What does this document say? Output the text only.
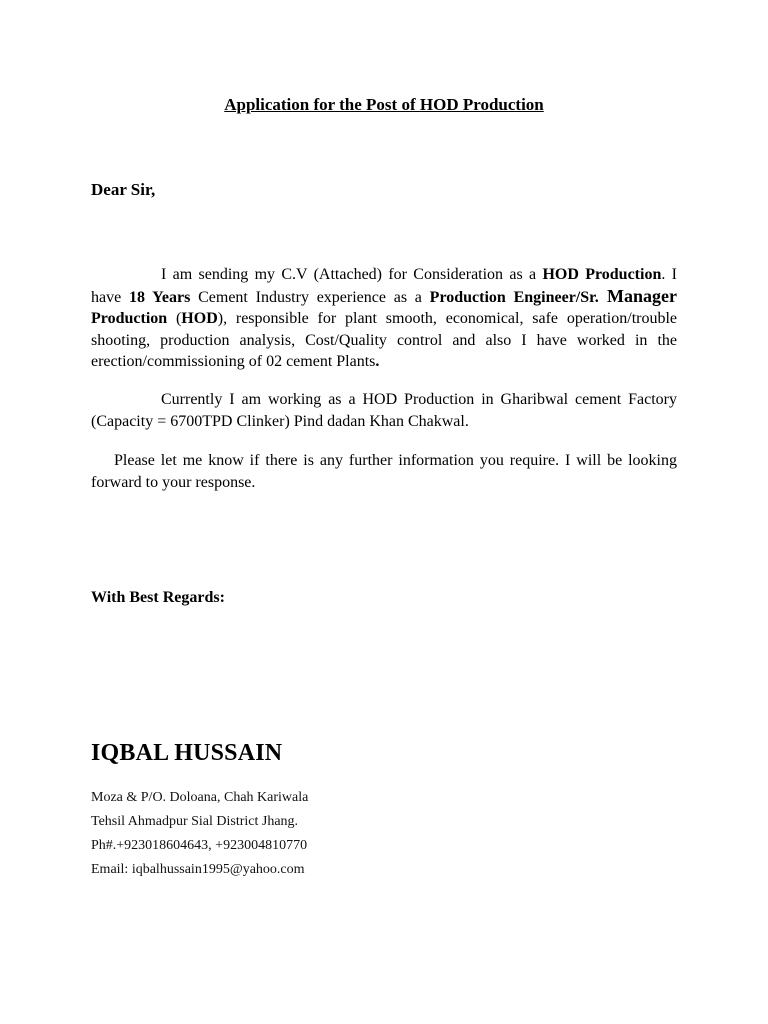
Application for the Post of HOD Production
Dear Sir,
I am sending my C.V (Attached) for Consideration as a HOD Production. I have 18 Years Cement Industry experience as a Production Engineer/Sr. Manager Production (HOD), responsible for plant smooth, economical, safe operation/trouble shooting, production analysis, Cost/Quality control and also I have worked in the erection/commissioning of 02 cement Plants.
Currently I am working as a HOD Production in Gharibwal cement Factory (Capacity = 6700TPD Clinker) Pind dadan Khan Chakwal.
Please let me know if there is any further information you require. I will be looking forward to your response.
With Best Regards:
IQBAL HUSSAIN
Moza & P/O. Doloana, Chah Kariwala
Tehsil Ahmadpur Sial District Jhang.
Ph#.+923018604643, +923004810770
Email: iqbalhussain1995@yahoo.com
